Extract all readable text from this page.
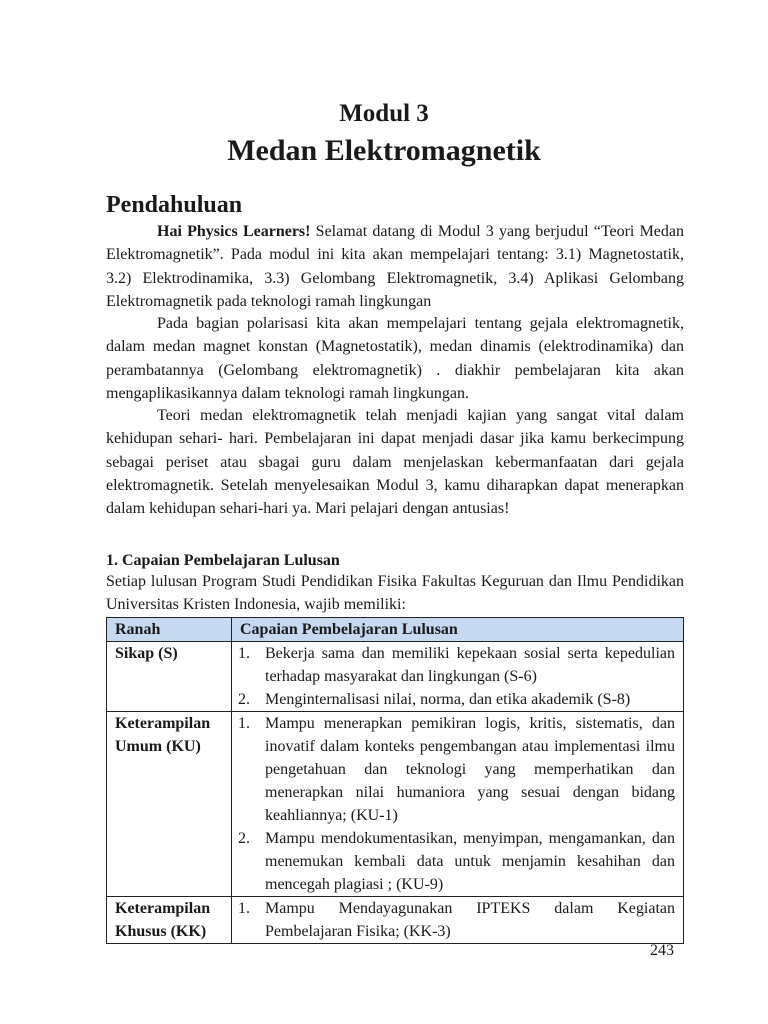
Modul 3
Medan Elektromagnetik
Pendahuluan

Hai Physics Learners! Selamat datang di Modul 3 yang berjudul “Teori Medan Elektromagnetik”. Pada modul ini kita akan mempelajari tentang: 3.1) Magnetostatik, 3.2) Elektrodinamika, 3.3) Gelombang Elektromagnetik, 3.4) Aplikasi Gelombang Elektromagnetik pada teknologi ramah lingkungan

Pada bagian polarisasi kita akan mempelajari tentang gejala elektromagnetik, dalam medan magnet konstan (Magnetostatik), medan dinamis (elektrodinamika) dan perambatannya (Gelombang elektromagnetik) . diakhir pembelajaran kita akan mengaplikasikannya dalam teknologi ramah lingkungan.

Teori medan elektromagnetik telah menjadi kajian yang sangat vital dalam kehidupan sehari- hari. Pembelajaran ini dapat menjadi dasar jika kamu berkecimpung sebagai periset atau sbagai guru dalam menjelaskan kebermanfaatan dari gejala elektromagnetik. Setelah menyelesaikan Modul 3, kamu diharapkan dapat menerapkan dalam kehidupan sehari-hari ya. Mari pelajari dengan antusias!

1. Capaian Pembelajaran Lulusan

Setiap lulusan Program Studi Pendidikan Fisika Fakultas Keguruan dan Ilmu Pendidikan Universitas Kristen Indonesia, wajib memiliki:

Ranah	Capaian Pembelajaran Lulusan
Sikap (S)	1. Bekerja sama dan memiliki kepekaan sosial serta kepedulian terhadap masyarakat dan lingkungan (S-6)
2. Menginternalisasi nilai, norma, dan etika akademik (S-8)

Keterampilan Umum (KU)	1. Mampu menerapkan pemikiran logis, kritis, sistematis, dan inovatif dalam konteks pengembangan atau implementasi ilmu pengetahuan dan teknologi yang memperhatikan dan menerapkan nilai humaniora yang sesuai dengan bidang keahliannya; (KU-1)
2. Mampu mendokumentasikan, menyimpan, mengamankan, dan menemukan kembali data untuk menjamin kesahihan dan mencegah plagiasi ; (KU-9)

Keterampilan Khusus (KK)	1. Mampu Mendayagunakan IPTEKS dalam Kegiatan Pembelajaran Fisika; (KK-3)
243
